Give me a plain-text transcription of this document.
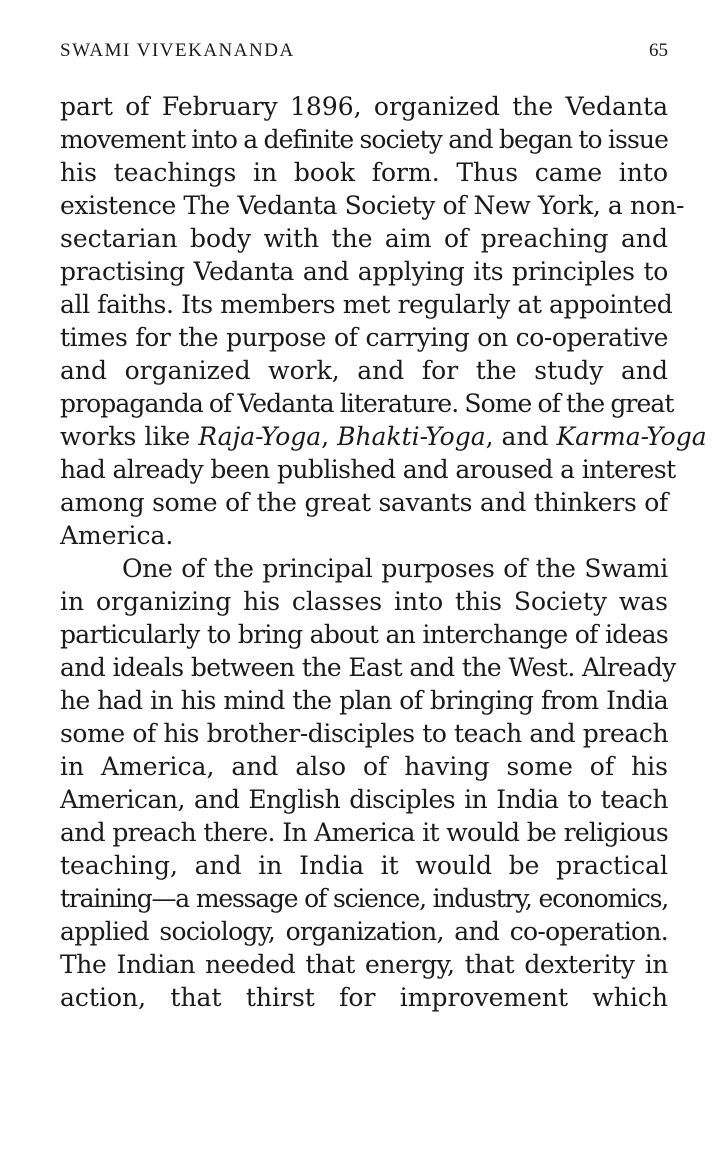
SWAMI VIVEKANANDA	65

part of February 1896, organized the Vedanta
movement into a definite society and began to issue
his teachings in book form. Thus came into
existence The Vedanta Society of New York, a non-
sectarian body with the aim of preaching and
practising Vedanta and applying its principles to
all faiths. Its members met regularly at appointed
times for the purpose of carrying on co-operative
and organized work, and for the study and
propaganda of Vedanta literature. Some of the great
works like Raja-Yoga, Bhakti-Yoga, and Karma-Yoga
had already been published and aroused a interest
among some of the great savants and thinkers of
America.

One of the principal purposes of the Swami
in organizing his classes into this Society was
particularly to bring about an interchange of ideas
and ideals between the East and the West. Already
he had in his mind the plan of bringing from India
some of his brother-disciples to teach and preach
in America, and also of having some of his
American, and English disciples in India to teach
and preach there. In America it would be religious
teaching, and in India it would be practical
training—a message of science, industry, economics,
applied sociology, organization, and co-operation.
The Indian needed that energy, that dexterity in
action, that thirst for improvement which
